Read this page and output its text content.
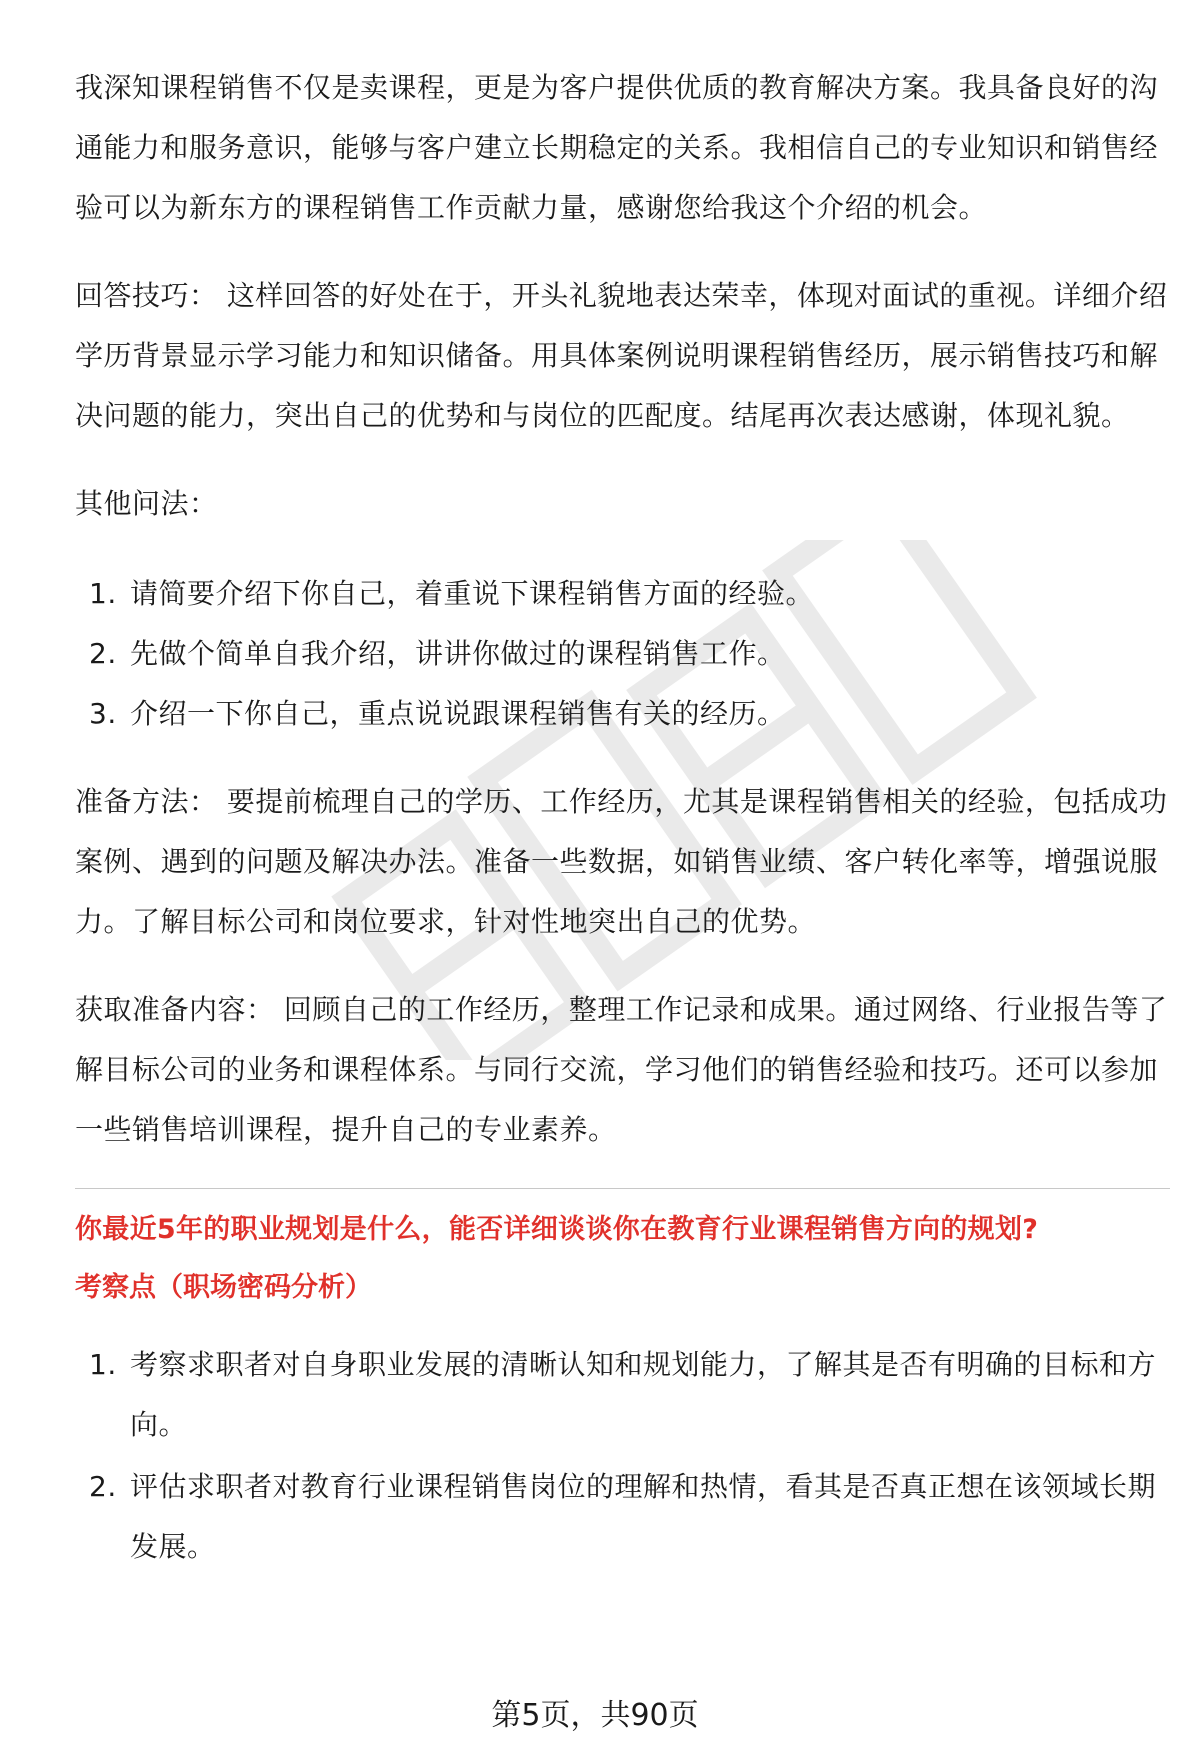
我深知课程销售不仅是卖课程，更是为客户提供优质的教育解决方案。我具备良好的沟通能力和服务意识，能够与客户建立长期稳定的关系。我相信自己的专业知识和销售经验可以为新东方的课程销售工作贡献力量，感谢您给我这个介绍的机会。

回答技巧： 这样回答的好处在于，开头礼貌地表达荣幸，体现对面试的重视。详细介绍学历背景显示学习能力和知识储备。用具体案例说明课程销售经历，展示销售技巧和解决问题的能力，突出自己的优势和与岗位的匹配度。结尾再次表达感谢，体现礼貌。

其他问法：

1. 请简要介绍下你自己，着重说下课程销售方面的经验。
2. 先做个简单自我介绍，讲讲你做过的课程销售工作。
3. 介绍一下你自己，重点说说跟课程销售有关的经历。

准备方法： 要提前梳理自己的学历、工作经历，尤其是课程销售相关的经验，包括成功案例、遇到的问题及解决办法。准备一些数据，如销售业绩、客户转化率等，增强说服力。了解目标公司和岗位要求，针对性地突出自己的优势。

获取准备内容： 回顾自己的工作经历，整理工作记录和成果。通过网络、行业报告等了解目标公司的业务和课程体系。与同行交流，学习他们的销售经验和技巧。还可以参加一些销售培训课程，提升自己的专业素养。

你最近5年的职业规划是什么，能否详细谈谈你在教育行业课程销售方向的规划?

考察点（职场密码分析）

1. 考察求职者对自身职业发展的清晰认知和规划能力，了解其是否有明确的目标和方向。
2. 评估求职者对教育行业课程销售岗位的理解和热情，看其是否真正想在该领域长期发展。
第5页，共90页
